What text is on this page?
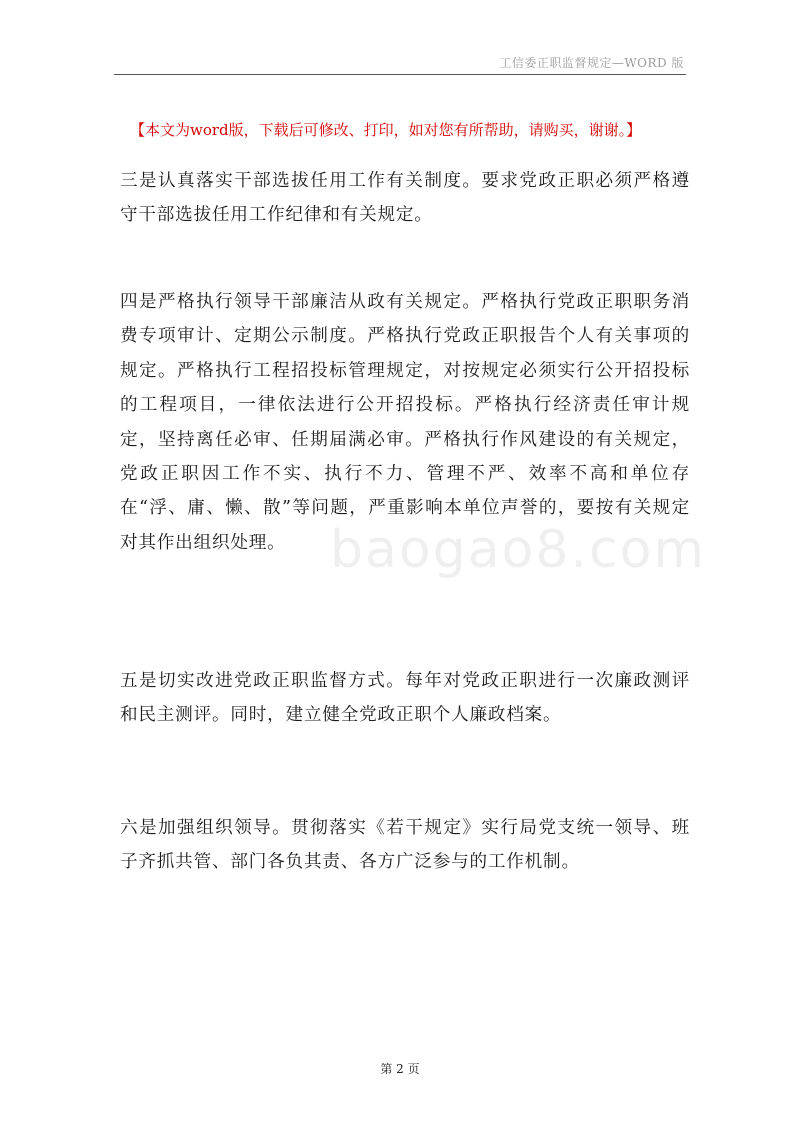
工信委正职监督规定—WORD 版
【本文为word版，下载后可修改、打印，如对您有所帮助，请购买，谢谢。】
三是认真落实干部选拔任用工作有关制度。要求党政正职必须严格遵守干部选拔任用工作纪律和有关规定。
四是严格执行领导干部廉洁从政有关规定。严格执行党政正职职务消费专项审计、定期公示制度。严格执行党政正职报告个人有关事项的规定。严格执行工程招投标管理规定，对按规定必须实行公开招投标的工程项目，一律依法进行公开招投标。严格执行经济责任审计规定，坚持离任必审、任期届满必审。严格执行作风建设的有关规定，党政正职因工作不实、执行不力、管理不严、效率不高和单位存在“浮、庸、懒、散”等问题，严重影响本单位声誉的，要按有关规定对其作出组织处理。 baogao8.com
五是切实改进党政正职监督方式。每年对党政正职进行一次廉政测评和民主测评。同时，建立健全党政正职个人廉政档案。
六是加强组织领导。贯彻落实《若干规定》实行局党支统一领导、班子齐抓共管、部门各负其责、各方广泛参与的工作机制。
第 2 页
